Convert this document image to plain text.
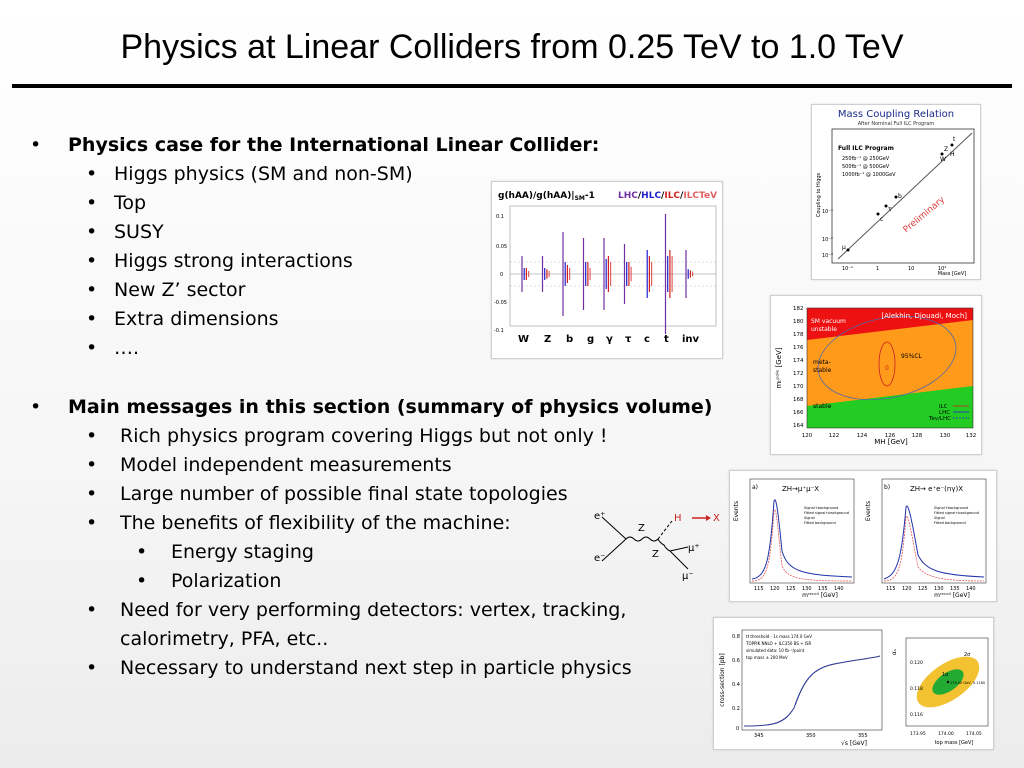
Physics at Linear Colliders from 0.25 TeV to 1.0 TeV
• Physics case for the International Linear Collider:
• Higgs physics (SM and non-SM)
• Top
• SUSY
• Higgs strong interactions
• New Z’ sector
• Extra dimensions
• ….
• Main messages in this section (summary of physics volume)
• Rich physics program covering Higgs but not only !
• Model independent measurements
• Large number of possible final state topologies
• The benefits of flexibility of the machine:
• Energy staging
• Polarization
• Need for very performing detectors: vertex, tracking,
calorimetry, PFA, etc..
• Necessary to understand next step in particle physics
Mass Coupling Relation
After Nominal Full ILC Program
Full ILC Program
250fb⁻¹ @ 250GeV
500fb⁻¹ @ 500GeV
1000fb⁻¹ @ 1000GeV
Preliminary
Coupling to Higgs
Mass [GeV]
10⁻¹	1	10	10²
10⁻¹
10⁻²
10⁻³
t
Z
H
W
b
τ
c
μ
$g(hAA)/g(hAA)|_{SM}-1$	LHC/HLC/ILC/ILCTeV
0.1
0.05
0
-0.05
-0.1
W Z b g γ τ c t inv
[Alekhin, Djouadi, Moch]
SM vacuum
unstable
meta-
stable
stable
95%CL
0
ILC
LHC
Tev/LHC
mₜᵖᵒˡᵉ [GeV]
MH [GeV]
120	122	124	126	128	130	132
182
180
178
176
174
172
170
168
166
164
a)	ZH→μ⁺μ⁻X
Events
mʳᵉᶜᵒⁱˡ [GeV]
Signal+background
Fitted signal+background
Signal
Fitted background
115 120 125 130 135 140
b)	ZH→ e⁺e⁻(nγ)X
Events
mʳᵉᶜᵒⁱˡ [GeV]
Signal+background
Fitted signal+background
Signal
Fitted background
115 120 125 130 135 140
e⁺
e⁻
Z
H	X
Z
μ⁺
μ⁻
cross-section [pb]
√s [GeV]
tt threshold - 1s mass 174.0 GeV
TOPPIK NNLO + ILC350 BS + ISR
simulated data: 10 fb⁻¹/point
top mass ± 200 MeV
345	350	355
0.8
0.6
0.4
0.2
0
2σ
1σ
174.00 GeV, 0.1180
αₛ
top mass [GeV]
173.95	174.00	174.05
0.120
0.118
0.116
